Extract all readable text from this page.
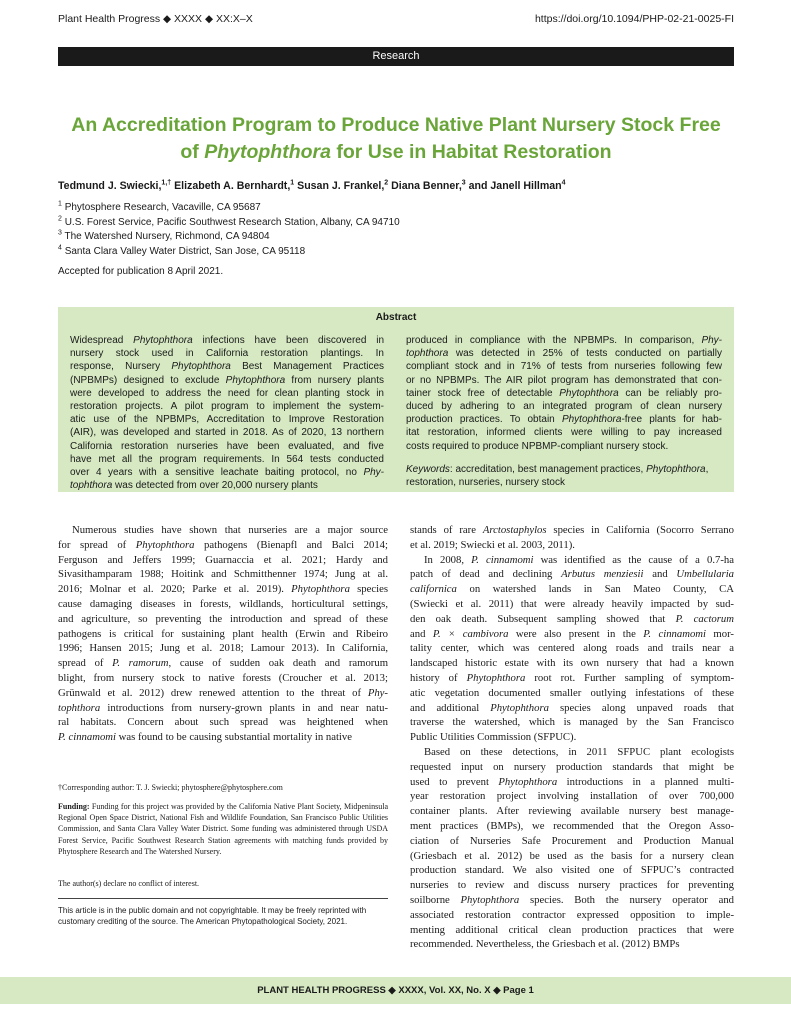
Plant Health Progress ◆ XXXX ◆ XX:X–X	https://doi.org/10.1094/PHP-02-21-0025-FI
Research
An Accreditation Program to Produce Native Plant Nursery Stock Free
of Phytophthora for Use in Habitat Restoration
Tedmund J. Swiecki,$^{1,\dagger}$ Elizabeth A. Bernhardt,$^1$ Susan J. Frankel,$^2$ Diana Benner,$^3$ and Janell Hillman$^4$
$^1$ Phytosphere Research, Vacaville, CA 95687
$^2$ U.S. Forest Service, Pacific Southwest Research Station, Albany, CA 94710
$^3$ The Watershed Nursery, Richmond, CA 94804
$^4$ Santa Clara Valley Water District, San Jose, CA 95118
Accepted for publication 8 April 2021.
Abstract
Widespread Phytophthora infections have been discovered in
nursery stock used in California restoration plantings. In
response, Nursery Phytophthora Best Management Practices
(NPBMPs) designed to exclude Phytophthora from nursery plants
were developed to address the need for clean planting stock in
restoration projects. A pilot program to implement the system-
atic use of the NPBMPs, Accreditation to Improve Restoration
(AIR), was developed and started in 2018. As of 2020, 13 northern
California restoration nurseries have been evaluated, and five
have met all the program requirements. In 564 tests conducted
over 4 years with a sensitive leachate baiting protocol, no Phy-
tophthora was detected from over 20,000 nursery plants
produced in compliance with the NPBMPs. In comparison, Phy-
tophthora was detected in 25% of tests conducted on partially
compliant stock and in 71% of tests from nurseries following few
or no NPBMPs. The AIR pilot program has demonstrated that con-
tainer stock free of detectable Phytophthora can be reliably pro-
duced by adhering to an integrated program of clean nursery
production practices. To obtain Phytophthora-free plants for hab-
itat restoration, informed clients were willing to pay increased
costs required to produce NPBMP-compliant nursery stock.
Keywords: accreditation, best management practices, Phytophthora,
restoration, nurseries, nursery stock
Numerous studies have shown that nurseries are a major source
for spread of Phytophthora pathogens (Bienapfl and Balci 2014;
Ferguson and Jeffers 1999; Guarnaccia et al. 2021; Hardy and
Sivasithamparam 1988; Hoitink and Schmitthenner 1974; Jung at al.
2016; Molnar et al. 2020; Parke et al. 2019). Phytophthora species
cause damaging diseases in forests, wildlands, horticultural settings,
and agriculture, so preventing the introduction and spread of these
pathogens is critical for sustaining plant health (Erwin and Ribeiro
1996; Hansen 2015; Jung et al. 2018; Lamour 2013). In California,
spread of P. ramorum, cause of sudden oak death and ramorum
blight, from nursery stock to native forests (Croucher et al. 2013;
Grünwald et al. 2012) drew renewed attention to the threat of Phy-
tophthora introductions from nursery-grown plants in and near natu-
ral habitats. Concern about such spread was heightened when
P. cinnamomi was found to be causing substantial mortality in native
stands of rare Arctostaphylos species in California (Socorro Serrano
et al. 2019; Swiecki et al. 2003, 2011).
In 2008, P. cinnamomi was identified as the cause of a 0.7-ha
patch of dead and declining Arbutus menziesii and Umbellularia
californica on watershed lands in San Mateo County, CA
(Swiecki et al. 2011) that were already heavily impacted by sud-
den oak death. Subsequent sampling showed that P. cactorum
and P. × cambivora were also present in the P. cinnamomi mor-
tality center, which was centered along roads and trails near a
landscaped historic estate with its own nursery that had a known
history of Phytophthora root rot. Further sampling of symptom-
atic vegetation documented smaller outlying infestations of these
and additional Phytophthora species along unpaved roads that
traverse the watershed, which is managed by the San Francisco
Public Utilities Commission (SFPUC).
Based on these detections, in 2011 SFPUC plant ecologists
requested input on nursery production standards that might be
used to prevent Phytophthora introductions in a planned multi-
year restoration project involving installation of over 700,000
container plants. After reviewing available nursery best manage-
ment practices (BMPs), we recommended that the Oregon Asso-
ciation of Nurseries Safe Procurement and Production Manual
(Griesbach et al. 2012) be used as the basis for a nursery clean
production standard. We also visited one of SFPUC’s contracted
nurseries to review and discuss nursery practices for preventing
soilborne Phytophthora species. Both the nursery operator and
associated restoration contractor expressed opposition to imple-
menting additional critical clean production practices that were
recommended. Nevertheless, the Griesbach et al. (2012) BMPs
†Corresponding author: T. J. Swiecki; phytosphere@phytosphere.com
Funding: Funding for this project was provided by the California Native Plant Society, Midpeninsula Regional Open Space District, National Fish and Wildlife Foundation, San Francisco Public Utilities Commission, and Santa Clara Valley Water District. Some funding was administered through USDA Forest Service, Pacific Southwest Research Station agreements with matching funds provided by Phytosphere Research and The Watershed Nursery.
The author(s) declare no conflict of interest.
This article is in the public domain and not copyrightable. It may be freely reprinted with customary crediting of the source. The American Phytopathological Society, 2021.
PLANT HEALTH PROGRESS ◆ XXXX, Vol. XX, No. X ◆ Page 1
